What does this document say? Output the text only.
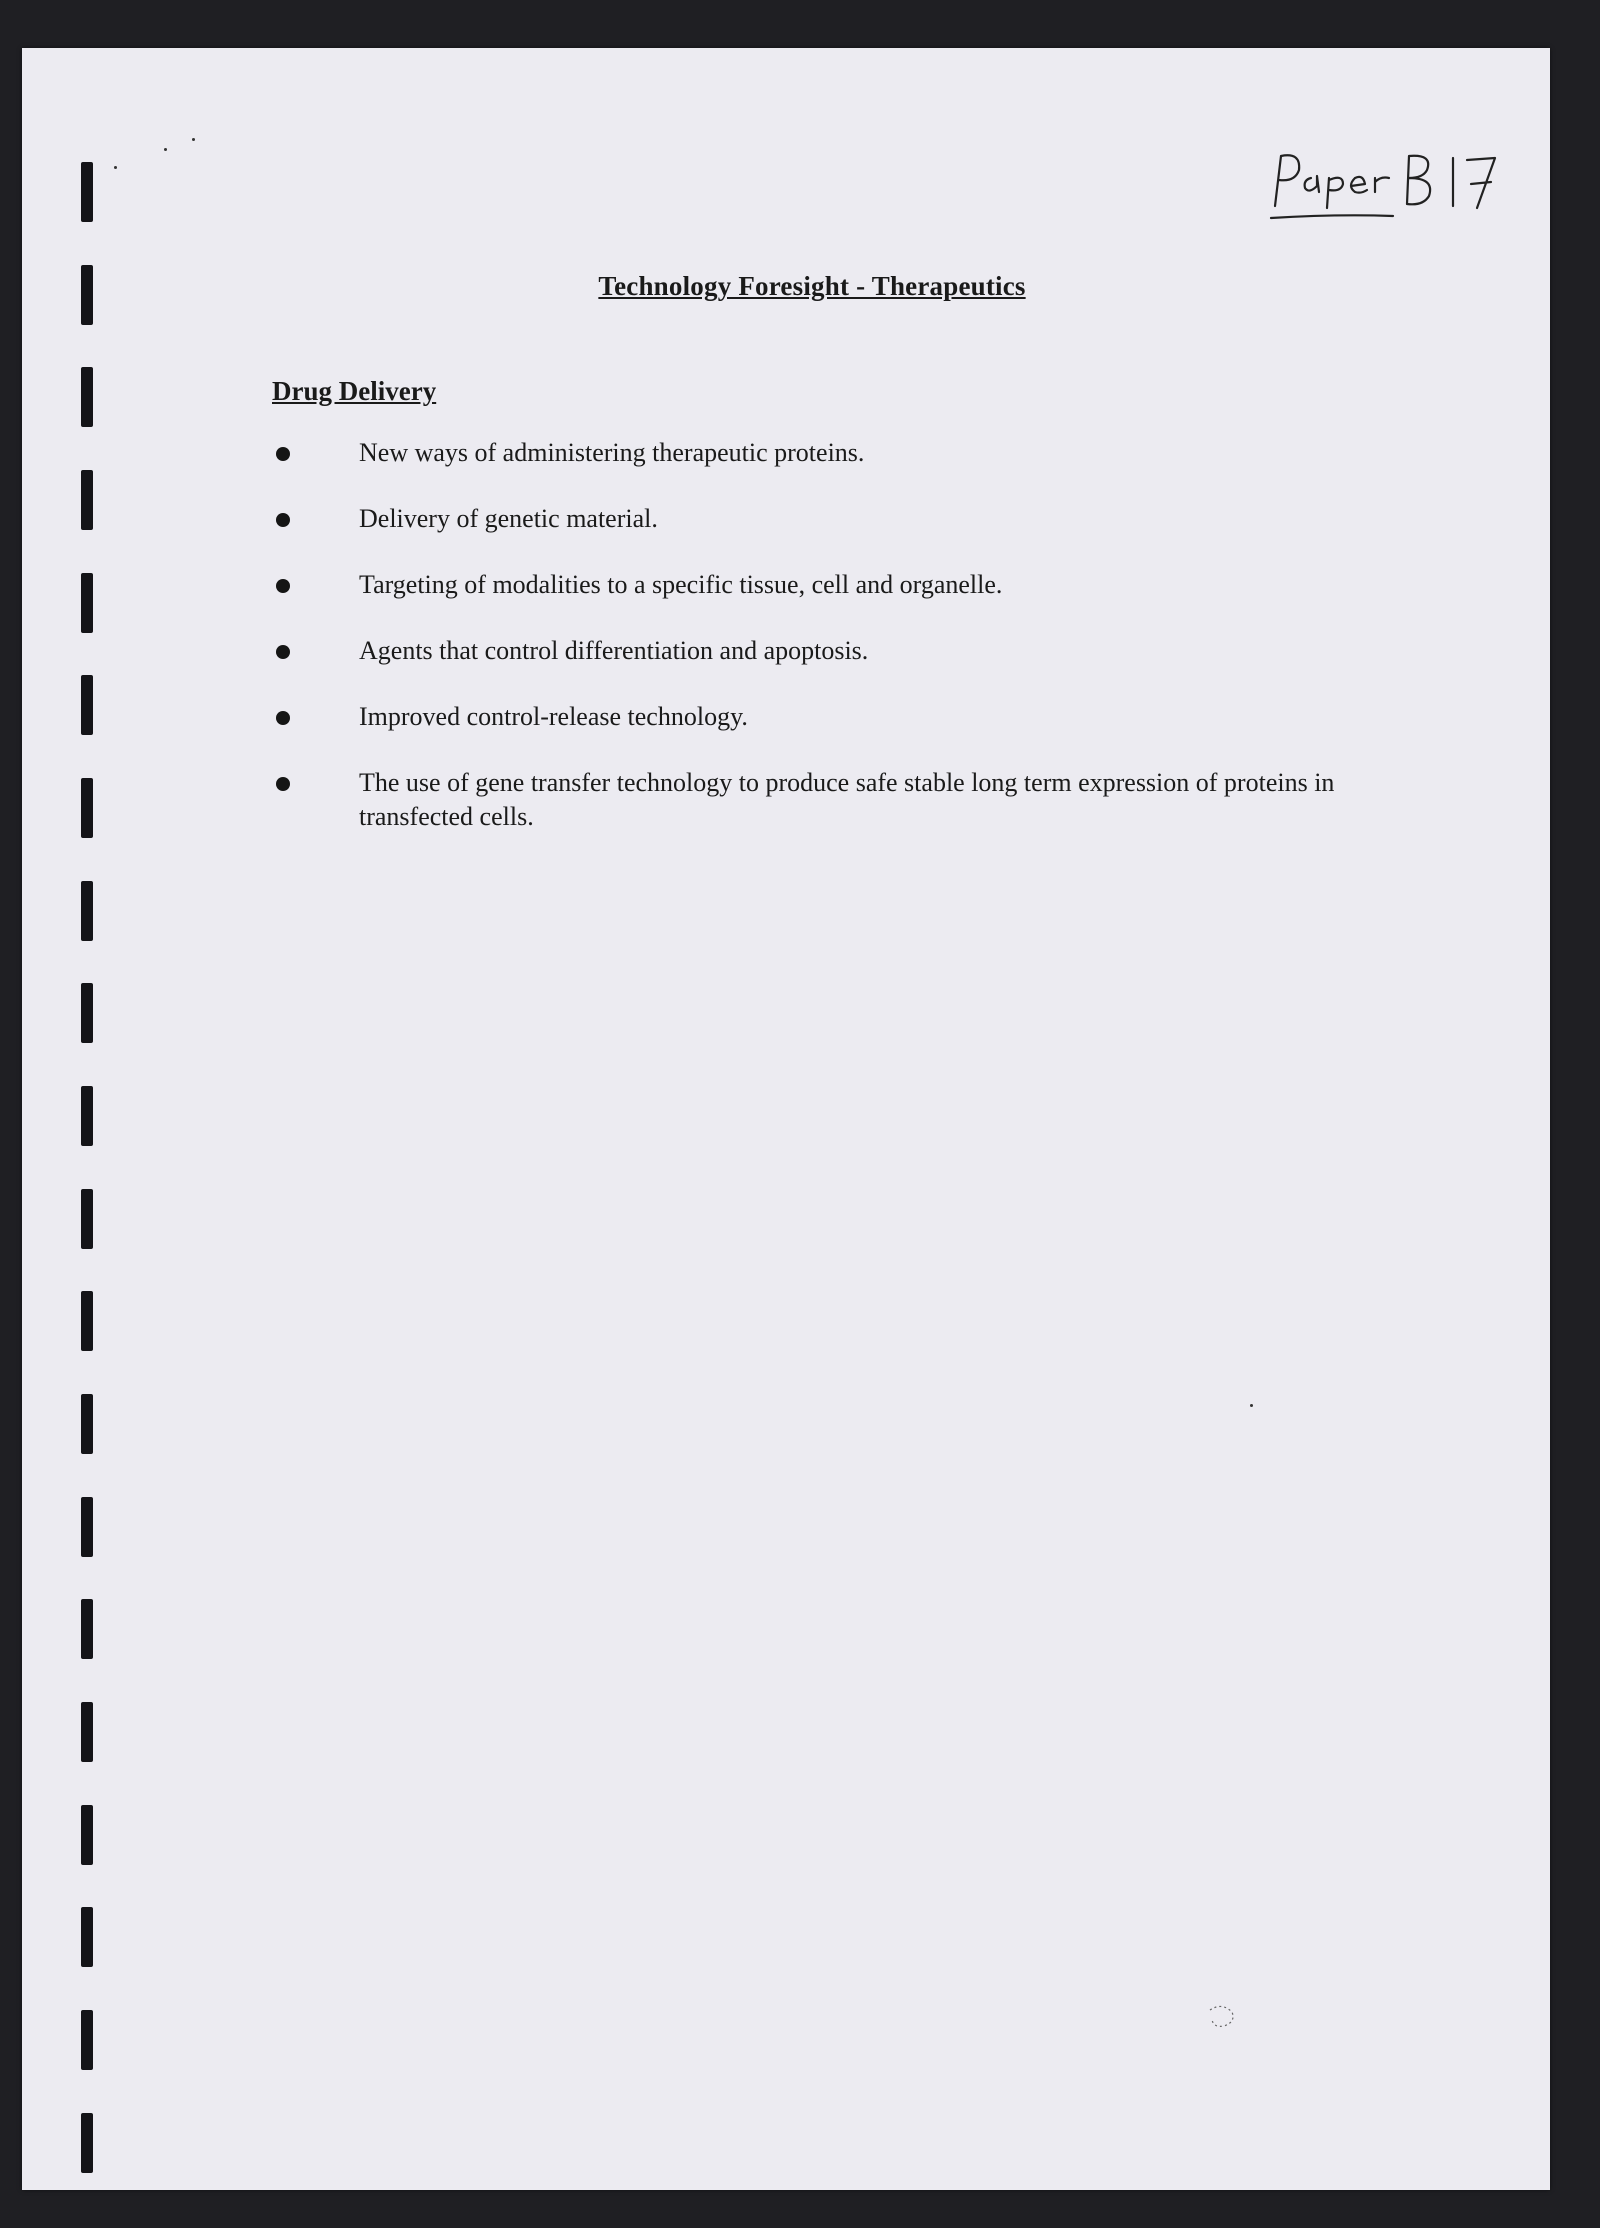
Technology Foresight - Therapeutics
Drug Delivery
New ways of administering therapeutic proteins.
Delivery of genetic material.
Targeting of modalities to a specific tissue, cell and organelle.
Agents that control differentiation and apoptosis.
Improved control-release technology.
The use of gene transfer technology to produce safe stable long term expression of proteins in transfected cells.
